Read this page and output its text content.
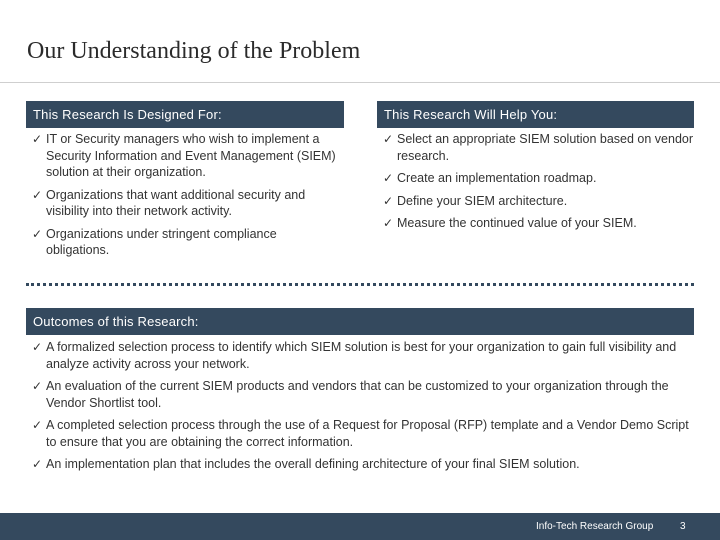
Our Understanding of the Problem
This Research Is Designed For:
✓ IT or Security managers who wish to implement a Security Information and Event Management (SIEM) solution at their organization.
✓ Organizations that want additional security and visibility into their network activity.
✓ Organizations under stringent compliance obligations.
This Research Will Help You:
✓ Select an appropriate SIEM solution based on vendor research.
✓ Create an implementation roadmap.
✓ Define your SIEM architecture.
✓ Measure the continued value of your SIEM.
Outcomes of this Research:
✓ A formalized selection process to identify which SIEM solution is best for your organization to gain full visibility and analyze activity across your network.
✓ An evaluation of the current SIEM products and vendors that can be customized to your organization through the Vendor Shortlist tool.
✓ A completed selection process through the use of a Request for Proposal (RFP) template and a Vendor Demo Script to ensure that you are obtaining the correct information.
✓ An implementation plan that includes the overall defining architecture of your final SIEM solution.
Info-Tech Research Group	3
